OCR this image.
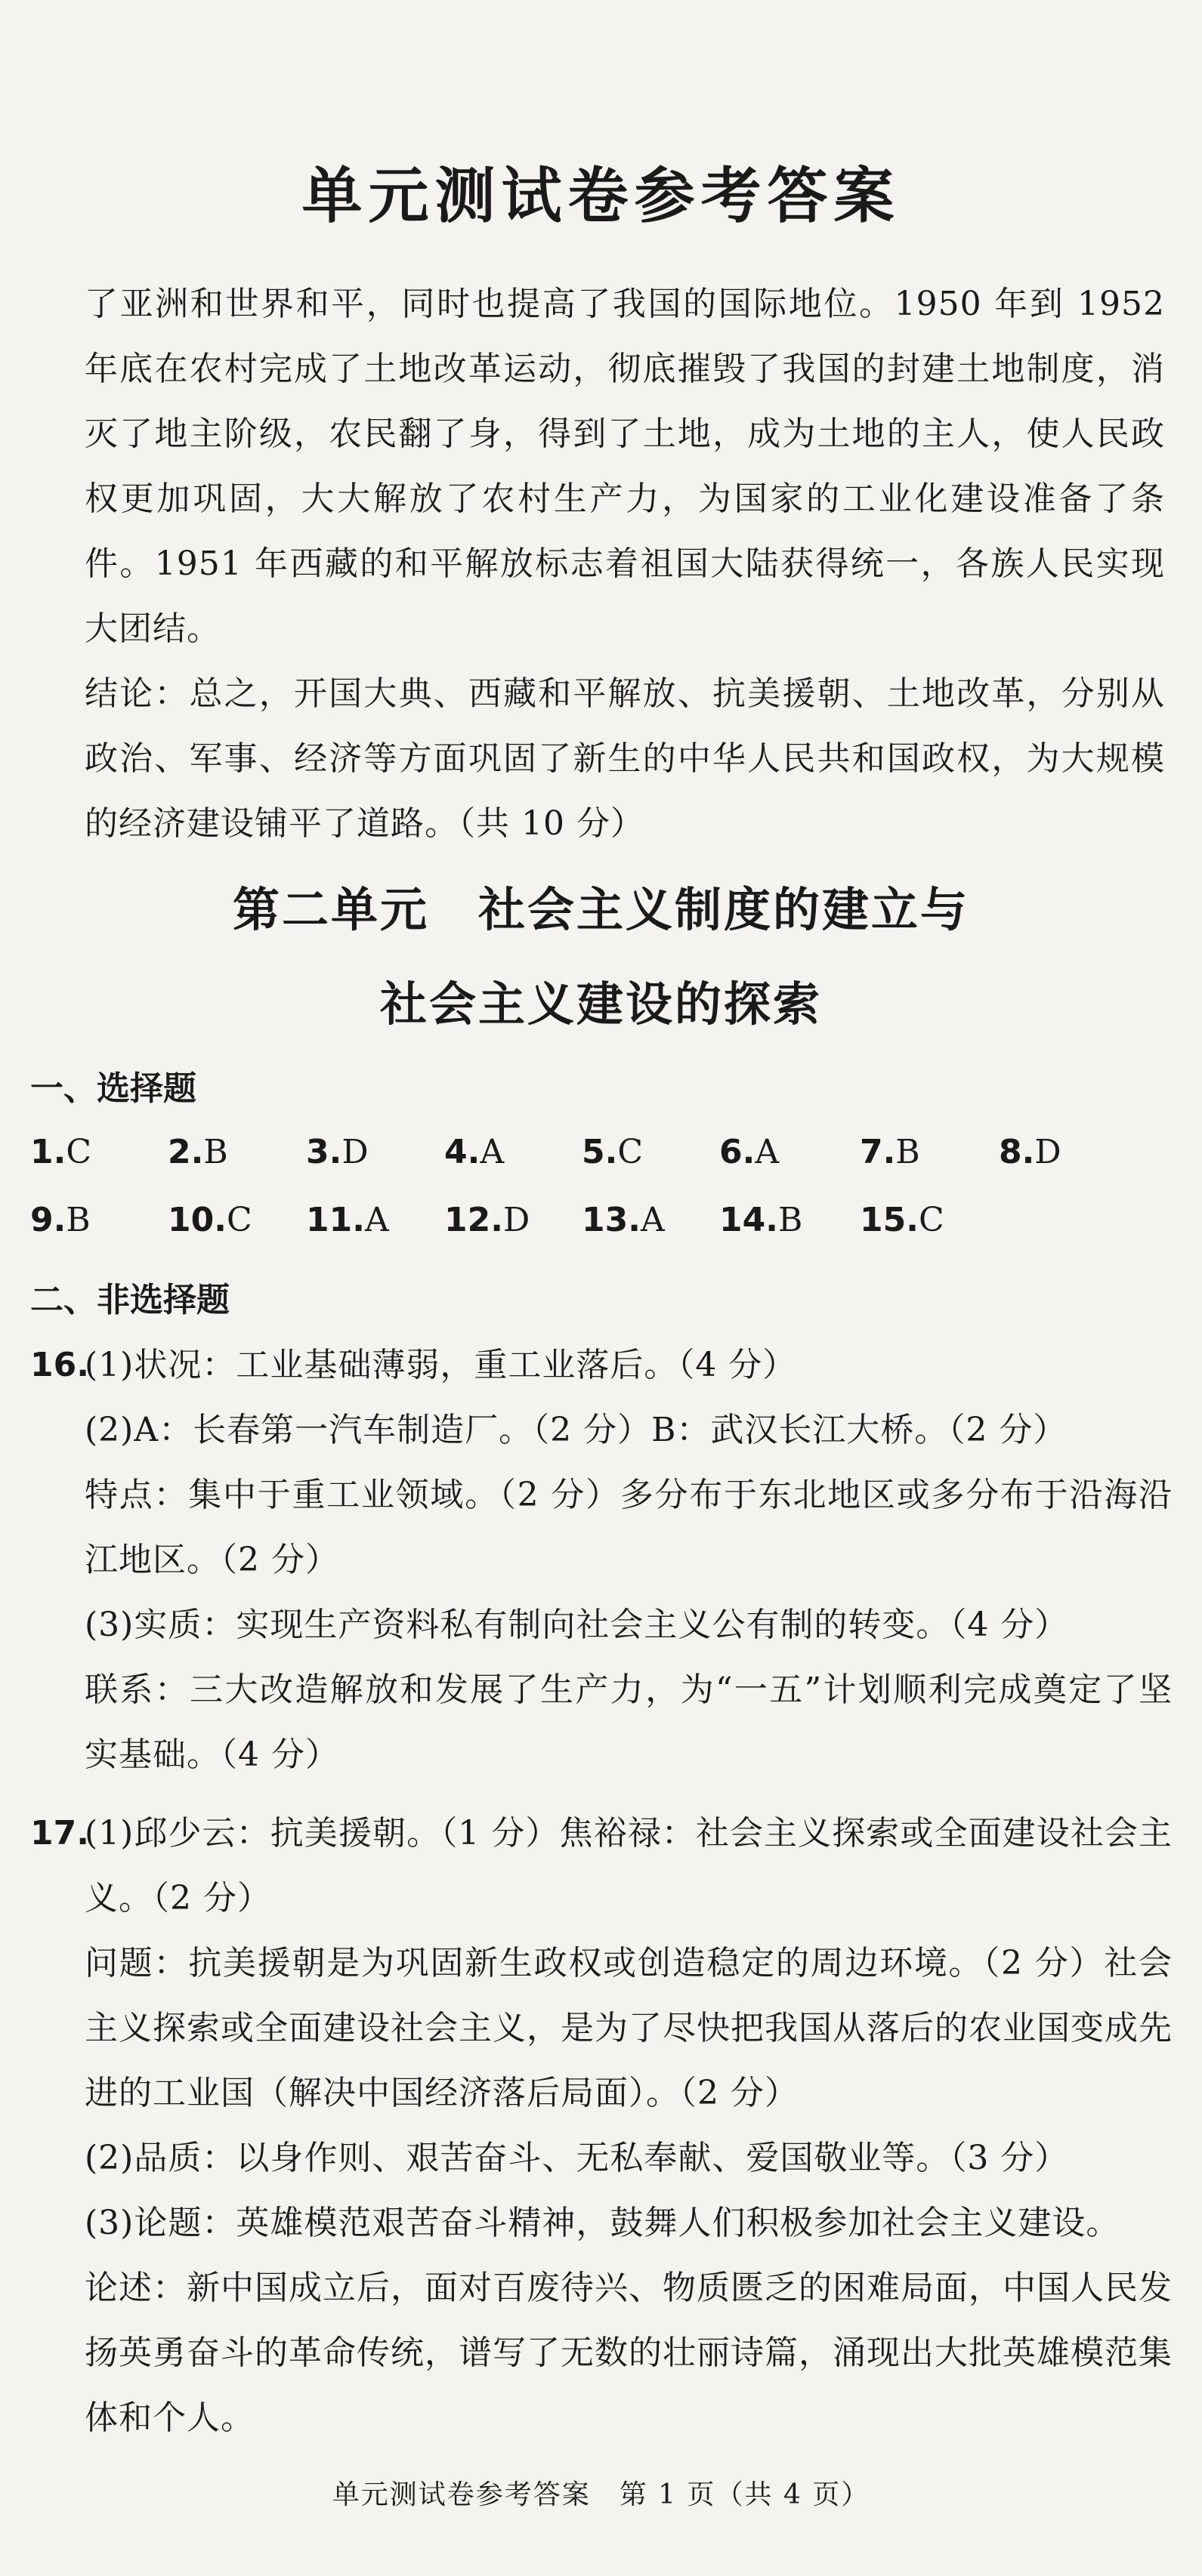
单元测试卷参考答案

了亚洲和世界和平，同时也提高了我国的国际地位。1950 年到 1952 年底在农村完成了土地改革运动，彻底摧毁了我国的封建土地制度，消灭了地主阶级，农民翻了身，得到了土地，成为土地的主人，使人民政权更加巩固，大大解放了农村生产力，为国家的工业化建设准备了条件。1951 年西藏的和平解放标志着祖国大陆获得统一，各族人民实现大团结。

结论：总之，开国大典、西藏和平解放、抗美援朝、土地改革，分别从政治、军事、经济等方面巩固了新生的中华人民共和国政权，为大规模的经济建设铺平了道路。（共 10 分）

第二单元　社会主义制度的建立与
社会主义建设的探索
一、选择题
1.C 2.B 3.D 4.A 5.C 6.A 7.B 8.D
9.B 10.C 11.A 12.D 13.A 14.B 15.C
二、非选择题
16.

(1)状况：工业基础薄弱，重工业落后。（4 分）

(2)A：长春第一汽车制造厂。（2 分）B：武汉长江大桥。（2 分）

特点：集中于重工业领域。（2 分）多分布于东北地区或多分布于沿海沿江地区。（2 分）

(3)实质：实现生产资料私有制向社会主义公有制的转变。（4 分）

联系：三大改造解放和发展了生产力，为“一五”计划顺利完成奠定了坚实基础。（4 分）

17.

(1)邱少云：抗美援朝。（1 分）焦裕禄：社会主义探索或全面建设社会主义。（2 分）

问题：抗美援朝是为巩固新生政权或创造稳定的周边环境。（2 分）社会主义探索或全面建设社会主义，是为了尽快把我国从落后的农业国变成先进的工业国（解决中国经济落后局面）。（2 分）

(2)品质：以身作则、艰苦奋斗、无私奉献、爱国敬业等。（3 分）

(3)论题：英雄模范艰苦奋斗精神，鼓舞人们积极参加社会主义建设。

论述：新中国成立后，面对百废待兴、物质匮乏的困难局面，中国人民发扬英勇奋斗的革命传统，谱写了无数的壮丽诗篇，涌现出大批英雄模范集体和个人。

单元测试卷参考答案　第 1 页（共 4 页）
